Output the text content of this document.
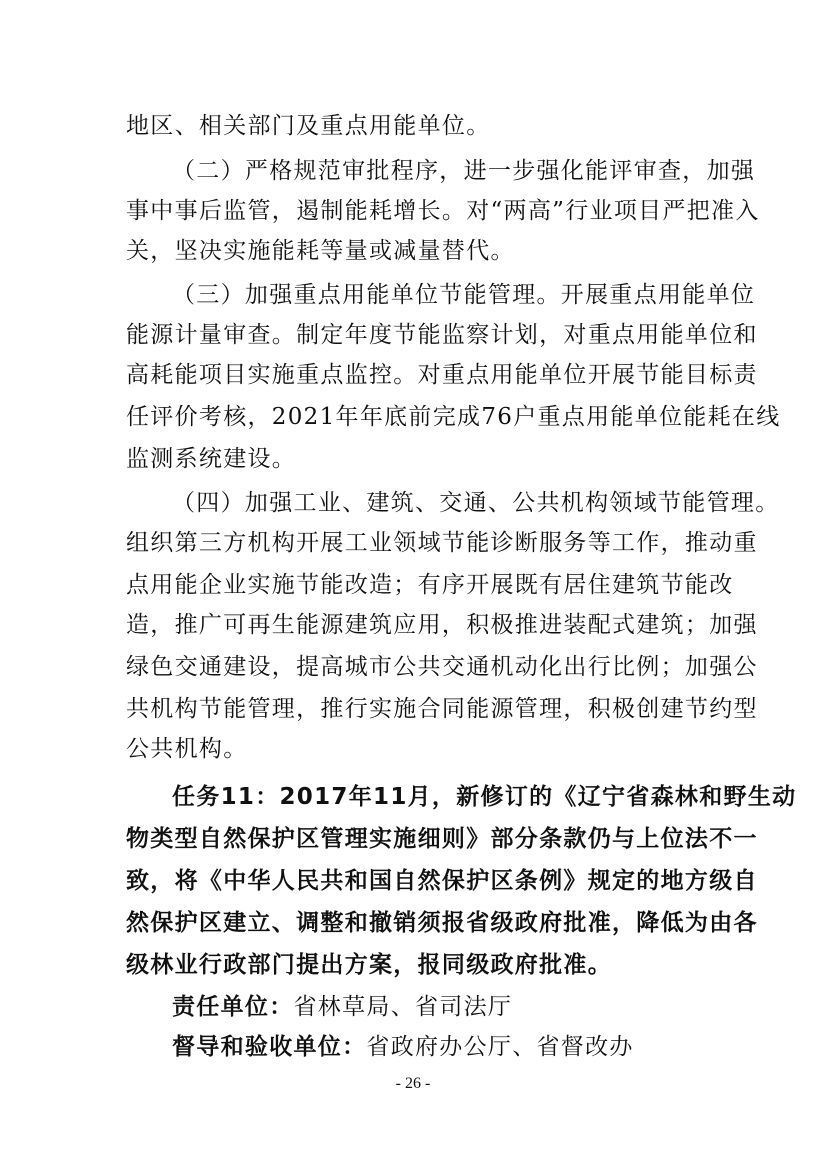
地区、相关部门及重点用能单位。
（二）严格规范审批程序，进一步强化能评审查，加强
事中事后监管，遏制能耗增长。对“两高”行业项目严把准入
关，坚决实施能耗等量或减量替代。
（三）加强重点用能单位节能管理。开展重点用能单位
能源计量审查。制定年度节能监察计划，对重点用能单位和
高耗能项目实施重点监控。对重点用能单位开展节能目标责
任评价考核，2021年年底前完成76户重点用能单位能耗在线
监测系统建设。
（四）加强工业、建筑、交通、公共机构领域节能管理。
组织第三方机构开展工业领域节能诊断服务等工作，推动重
点用能企业实施节能改造；有序开展既有居住建筑节能改
造，推广可再生能源建筑应用，积极推进装配式建筑；加强
绿色交通建设，提高城市公共交通机动化出行比例；加强公
共机构节能管理，推行实施合同能源管理，积极创建节约型
公共机构。
任务11：2017年11月，新修订的《辽宁省森林和野生动
物类型自然保护区管理实施细则》部分条款仍与上位法不一
致，将《中华人民共和国自然保护区条例》规定的地方级自
然保护区建立、调整和撤销须报省级政府批准，降低为由各
级林业行政部门提出方案，报同级政府批准。
责任单位：省林草局、省司法厅
督导和验收单位：省政府办公厅、省督改办
- 26 -
